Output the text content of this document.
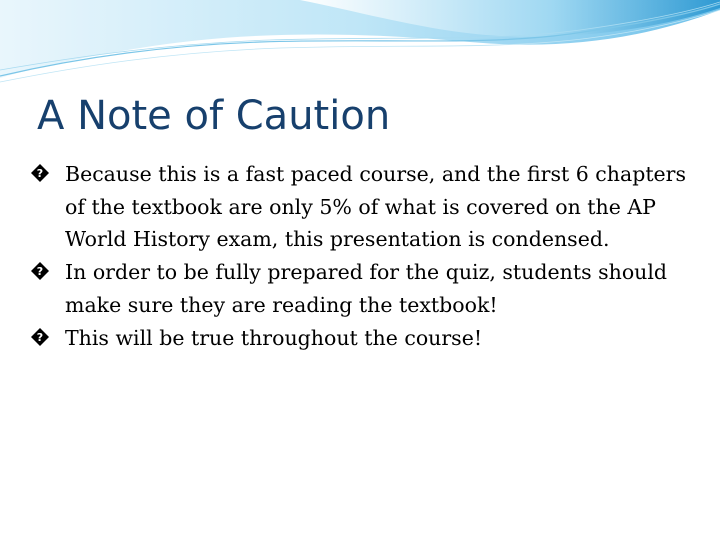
A Note of Caution
? Because this is a fast paced course, and the first 6 chapters of the textbook are only 5% of what is covered on the AP World History exam, this presentation is condensed.
? In order to be fully prepared for the quiz, students should make sure they are reading the textbook!
? This will be true throughout the course!
